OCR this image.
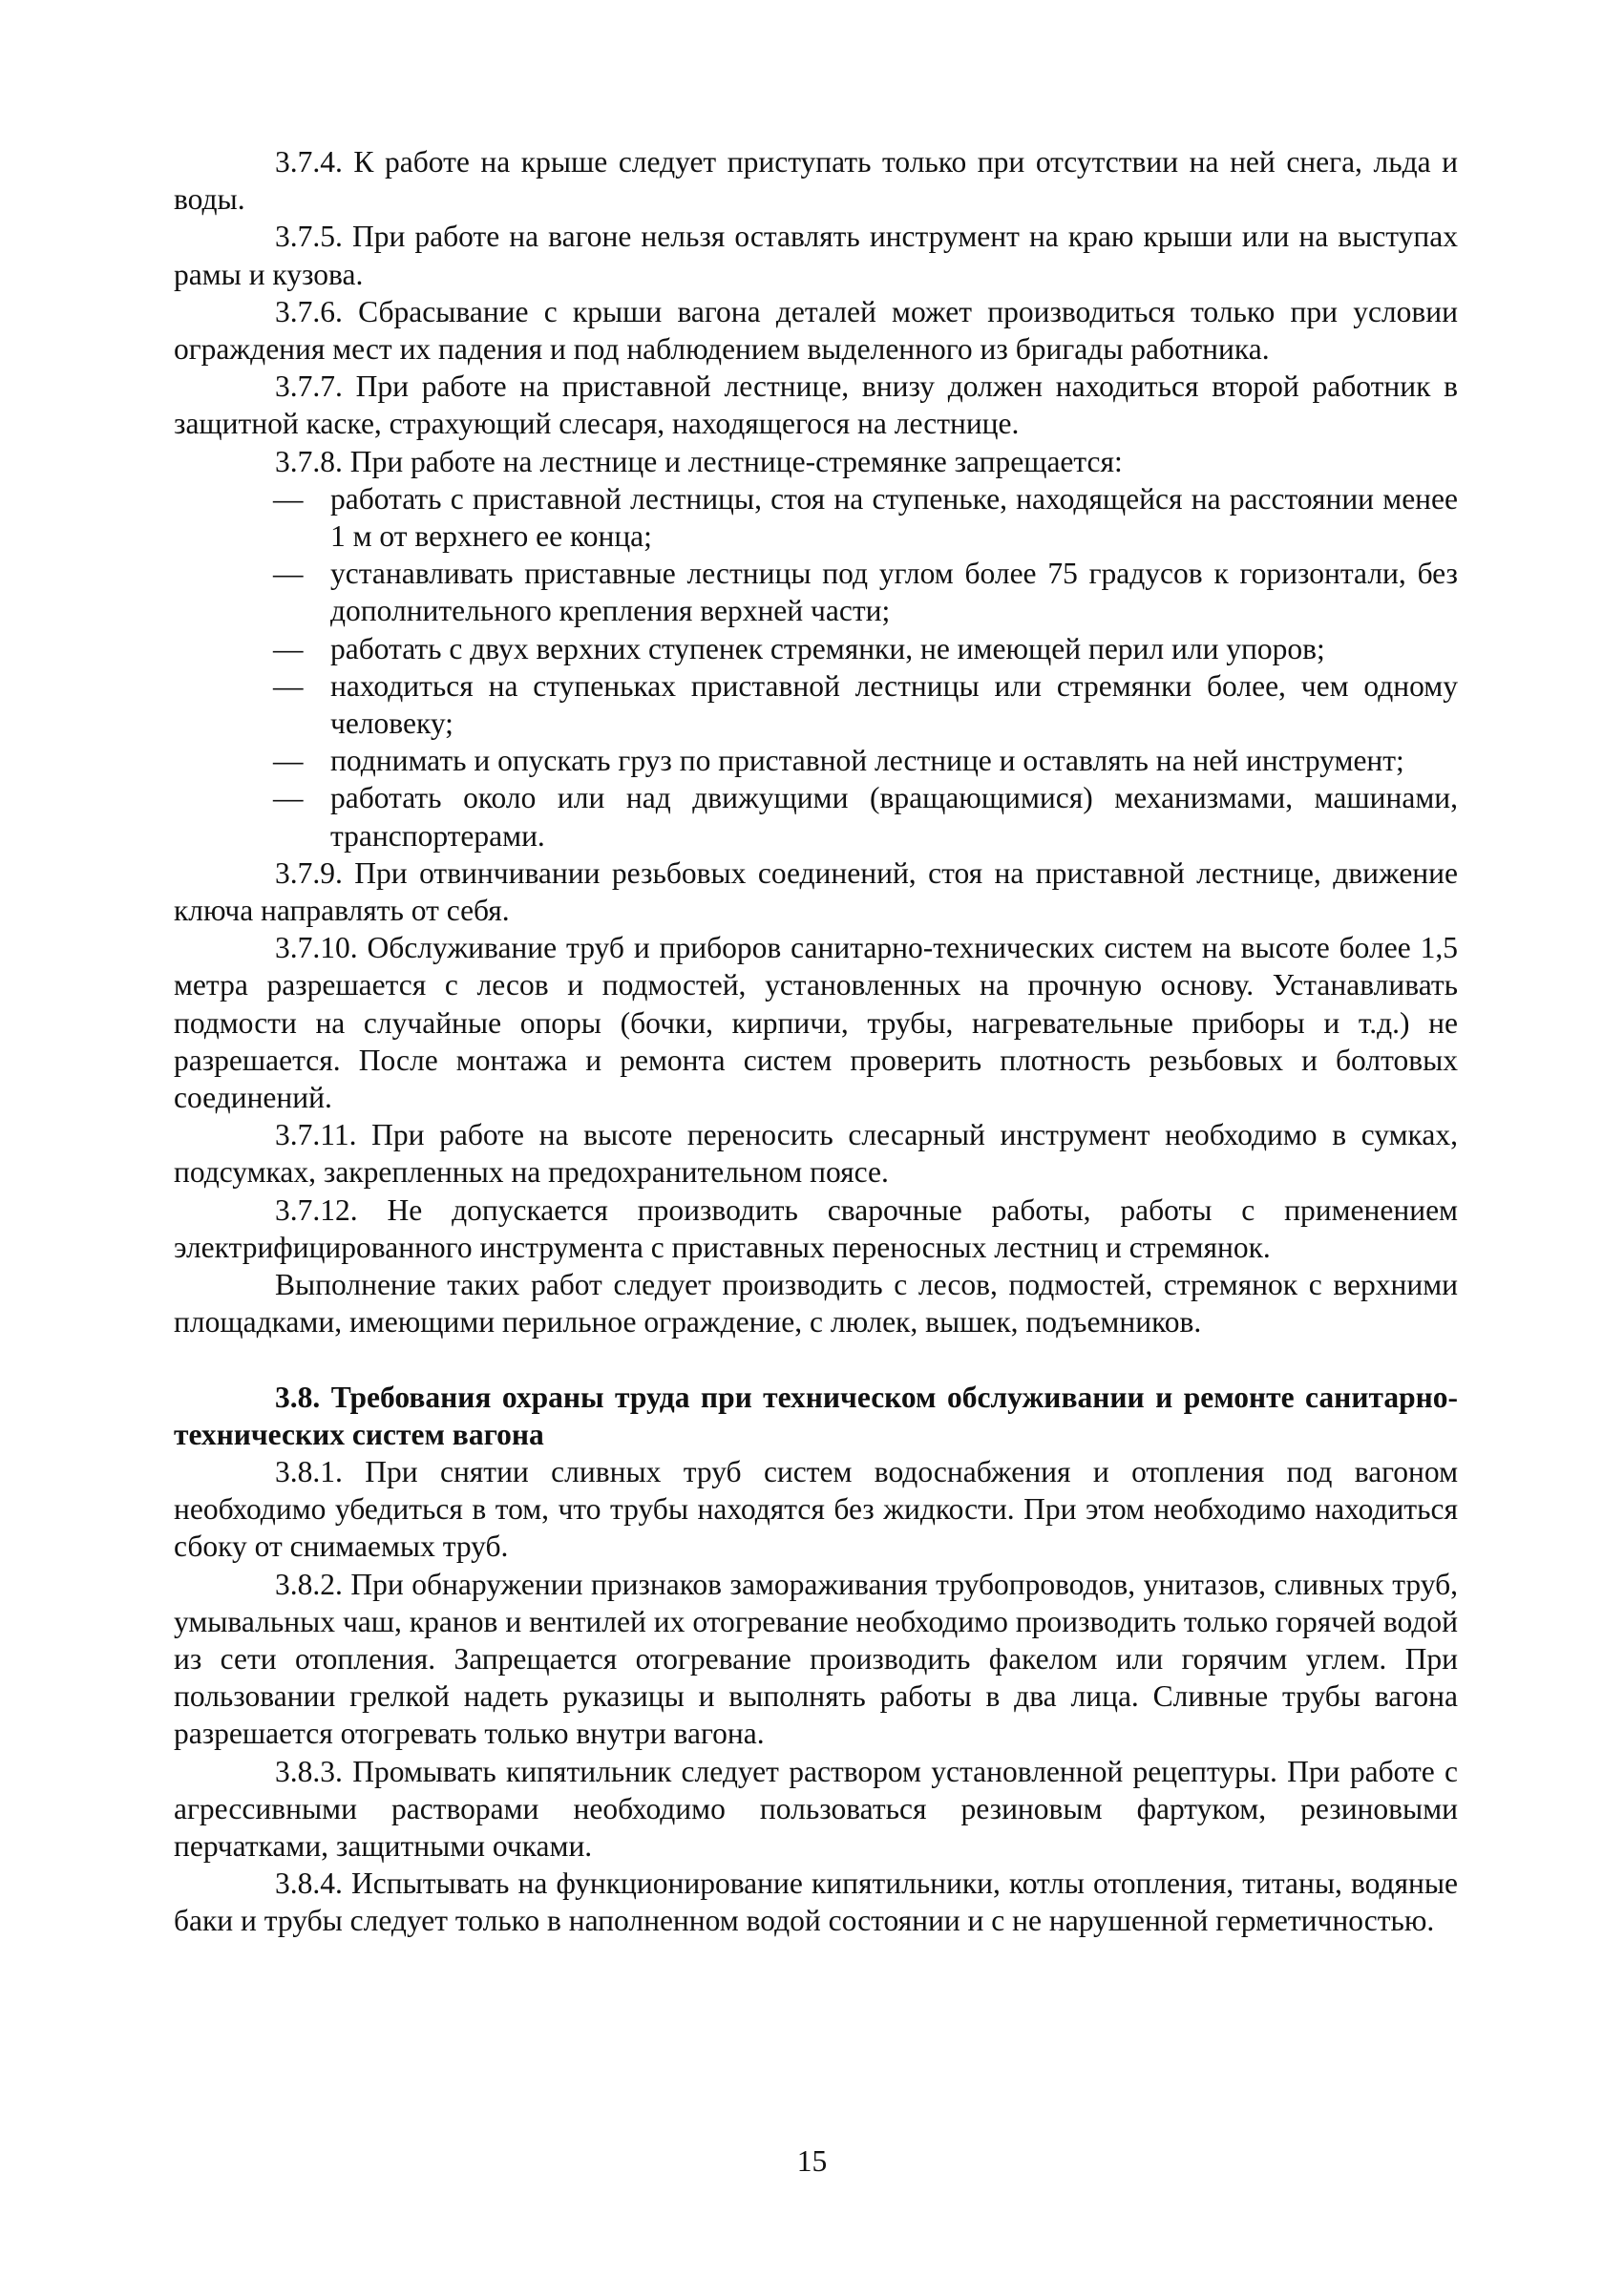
3.7.4. К работе на крыше следует приступать только при отсутствии на ней снега, льда и воды.

3.7.5. При работе на вагоне нельзя оставлять инструмент на краю крыши или на выступах рамы и кузова.

3.7.6. Сбрасывание с крыши вагона деталей может производиться только при условии ограждения мест их падения и под наблюдением выделенного из бригады работника.

3.7.7. При работе на приставной лестнице, внизу должен находиться второй работник в защитной каске, страхующий слесаря, находящегося на лестнице.

3.7.8. При работе на лестнице и лестнице-стремянке запрещается:

— работать с приставной лестницы, стоя на ступеньке, находящейся на расстоянии менее 1 м от верхнего ее конца;
— устанавливать приставные лестницы под углом более 75 градусов к горизонтали, без дополнительного крепления верхней части;
— работать с двух верхних ступенек стремянки, не имеющей перил или упоров;
— находиться на ступеньках приставной лестницы или стремянки более, чем одному человеку;
— поднимать и опускать груз по приставной лестнице и оставлять на ней инструмент;
— работать около или над движущими (вращающимися) механизмами, машинами, транспортерами.

3.7.9. При отвинчивании резьбовых соединений, стоя на приставной лестнице, движение ключа направлять от себя.

3.7.10. Обслуживание труб и приборов санитарно-технических систем на высоте более 1,5 метра разрешается с лесов и подмостей, установленных на прочную основу. Устанавливать подмости на случайные опоры (бочки, кирпичи, трубы, нагревательные приборы и т.д.) не разрешается. После монтажа и ремонта систем проверить плотность резьбовых и болтовых соединений.

3.7.11. При работе на высоте переносить слесарный инструмент необходимо в сумках, подсумках, закрепленных на предохранительном поясе.

3.7.12. Не допускается производить сварочные работы, работы с применением электрифицированного инструмента с приставных переносных лестниц и стремянок.

Выполнение таких работ следует производить с лесов, подмостей, стремянок с верхними площадками, имеющими перильное ограждение, с люлек, вышек, подъемников.

3.8. Требования охраны труда при техническом обслуживании и ремонте санитарно-технических систем вагона

3.8.1. При снятии сливных труб систем водоснабжения и отопления под вагоном необходимо убедиться в том, что трубы находятся без жидкости. При этом необходимо находиться сбоку от снимаемых труб.

3.8.2. При обнаружении признаков замораживания трубопроводов, унитазов, сливных труб, умывальных чаш, кранов и вентилей их отогревание необходимо производить только горячей водой из сети отопления. Запрещается отогревание производить факелом или горячим углем. При пользовании грелкой надеть руказицы и выполнять работы в два лица. Сливные трубы вагона разрешается отогревать только внутри вагона.

3.8.3. Промывать кипятильник следует раствором установленной рецептуры. При работе с агрессивными растворами необходимо пользоваться резиновым фартуком, резиновыми перчатками, защитными очками.

3.8.4. Испытывать на функционирование кипятильники, котлы отопления, титаны, водяные баки и трубы следует только в наполненном водой состоянии и с не нарушенной герметичностью.

15
